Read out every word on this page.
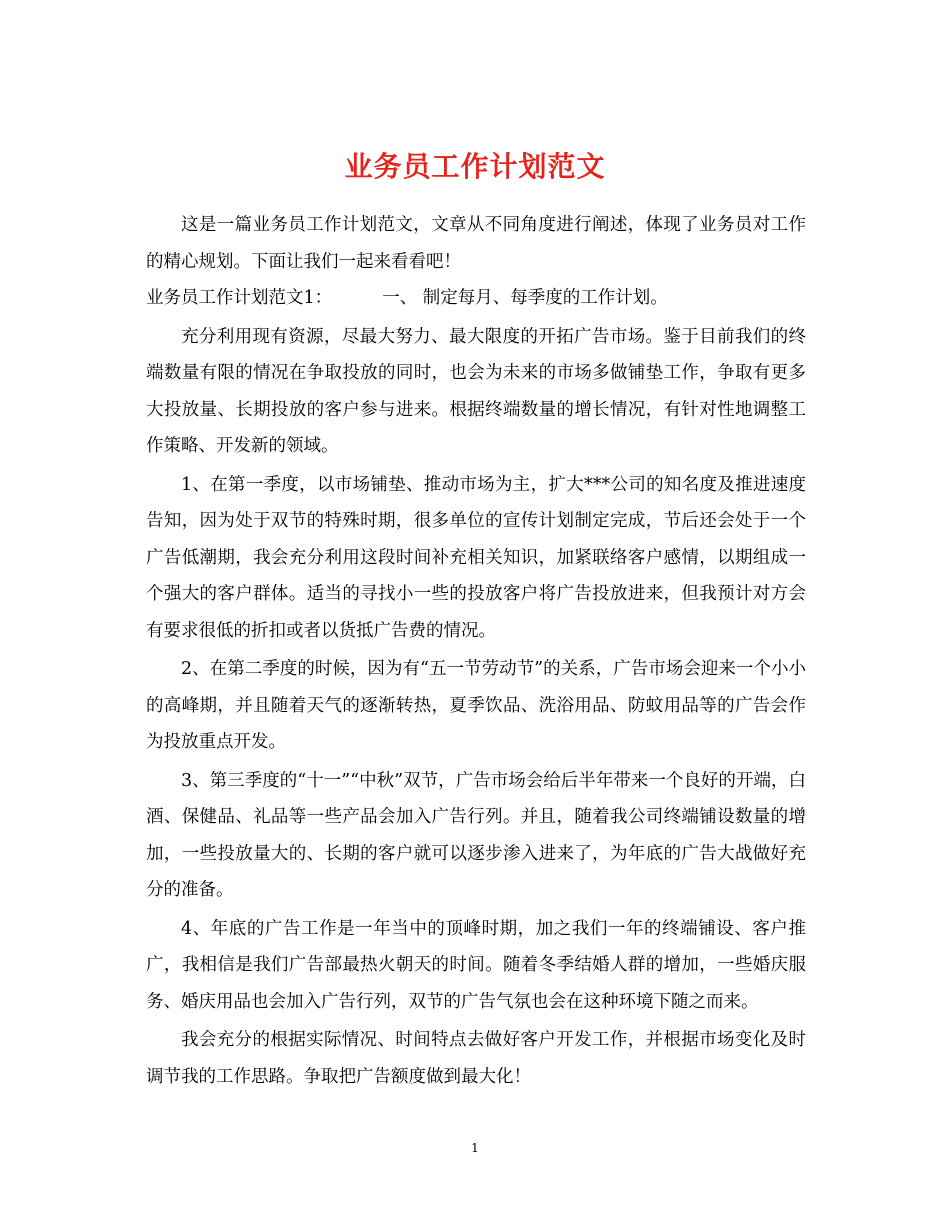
业务员工作计划范文

这是一篇业务员工作计划范文，文章从不同角度进行阐述，体现了业务员对工作的精心规划。下面让我们一起来看看吧！

业务员工作计划范文1：         一、 制定每月、每季度的工作计划。

充分利用现有资源，尽最大努力、最大限度的开拓广告市场。鉴于目前我们的终端数量有限的情况在争取投放的同时，也会为未来的市场多做铺垫工作，争取有更多大投放量、长期投放的客户参与进来。根据终端数量的增长情况，有针对性地调整工作策略、开发新的领域。

1、在第一季度，以市场铺垫、推动市场为主，扩大***公司的知名度及推进速度告知，因为处于双节的特殊时期，很多单位的宣传计划制定完成，节后还会处于一个广告低潮期，我会充分利用这段时间补充相关知识，加紧联络客户感情，以期组成一个强大的客户群体。适当的寻找小一些的投放客户将广告投放进来，但我预计对方会有要求很低的折扣或者以货抵广告费的情况。

2、在第二季度的时候，因为有“五一节劳动节”的关系，广告市场会迎来一个小小的高峰期，并且随着天气的逐渐转热，夏季饮品、洗浴用品、防蚊用品等的广告会作为投放重点开发。

3、第三季度的“十一”“中秋”双节，广告市场会给后半年带来一个良好的开端，白酒、保健品、礼品等一些产品会加入广告行列。并且，随着我公司终端铺设数量的增加，一些投放量大的、长期的客户就可以逐步渗入进来了，为年底的广告大战做好充分的准备。

4、年底的广告工作是一年当中的顶峰时期，加之我们一年的终端铺设、客户推广，我相信是我们广告部最热火朝天的时间。随着冬季结婚人群的增加，一些婚庆服务、婚庆用品也会加入广告行列，双节的广告气氛也会在这种环境下随之而来。

我会充分的根据实际情况、时间特点去做好客户开发工作，并根据市场变化及时调节我的工作思路。争取把广告额度做到最大化！

1
